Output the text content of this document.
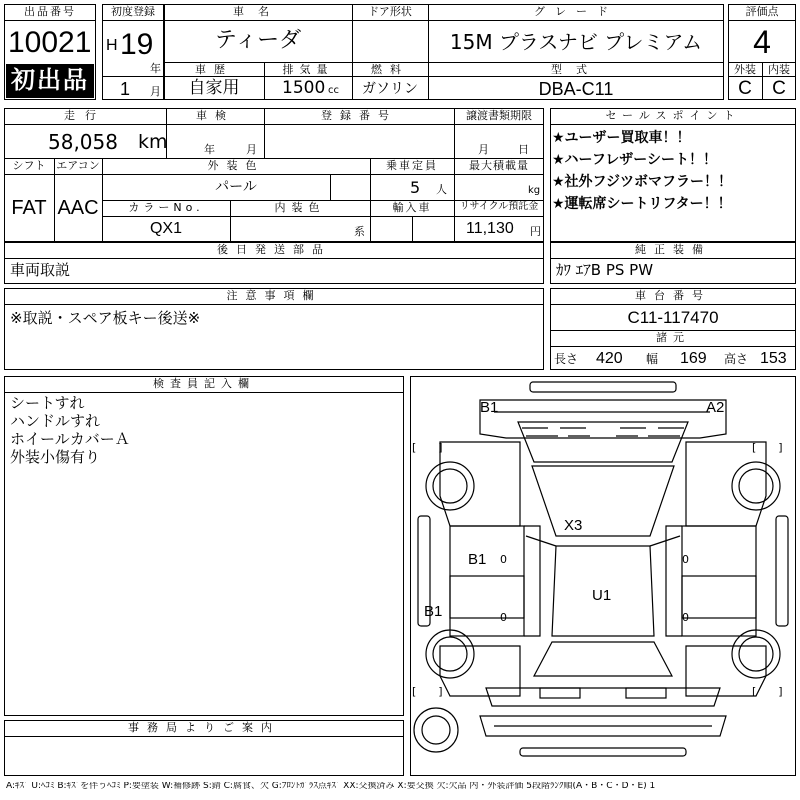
出品番号
10021
初出品
初度登録
H 19
年
1 月
車名
ティーダ
ドア形状	グレード
15M プラスナビ プレミアム
車歴
自家用
排気量
1500 cc
燃料
ガソリン
型式
DBA-C11
評価点
4
外装	内装
C	C
走行
58,058 km
車検
年	月
登録番号	譲渡書類期限
月	日
シフト
FAT
エアコン
AAC
外装色
パール
乗車定員
5 人
最大積載量
kg
カラーNo.
QX1
内装色
系
輸入車	リサイクル預託金
11,130 円
セールスポイント
★ユーザー買取車！！
★ハーフレザーシート！！
★社外フジツボマフラー！！
★運転席シートリフター！！
後日発送部品
車両取説
純正装備
ｶﾜ ｴｱB PS PW
注意事項欄
※取説・スペア板キー後送※
車台番号
C11-117470
諸元
長さ 420 幅 169 高さ 153
検査員記入欄
シートすれ
ハンドルすれ
ホイールカバーＡ
外装小傷有り
B1	A2
X3
B1
U1
B1
[　　]	[　　]
[　　]	[　　]
0
0
0
0
事務局よりご案内
A:ｷｽﾞ U:ﾍｺﾐ B:ｷｽﾞを伴うﾍｺﾐ P:要塗装 W:補修跡 S:錆 C:腐食、欠 G:ﾌﾛﾝﾄｶﾞﾗｽ点ｷｽﾞ XX:交換済み X:要交換 欠:欠品 内・外装評価 5段階ﾗﾝｸ順(A・B・C・D・E) 1
